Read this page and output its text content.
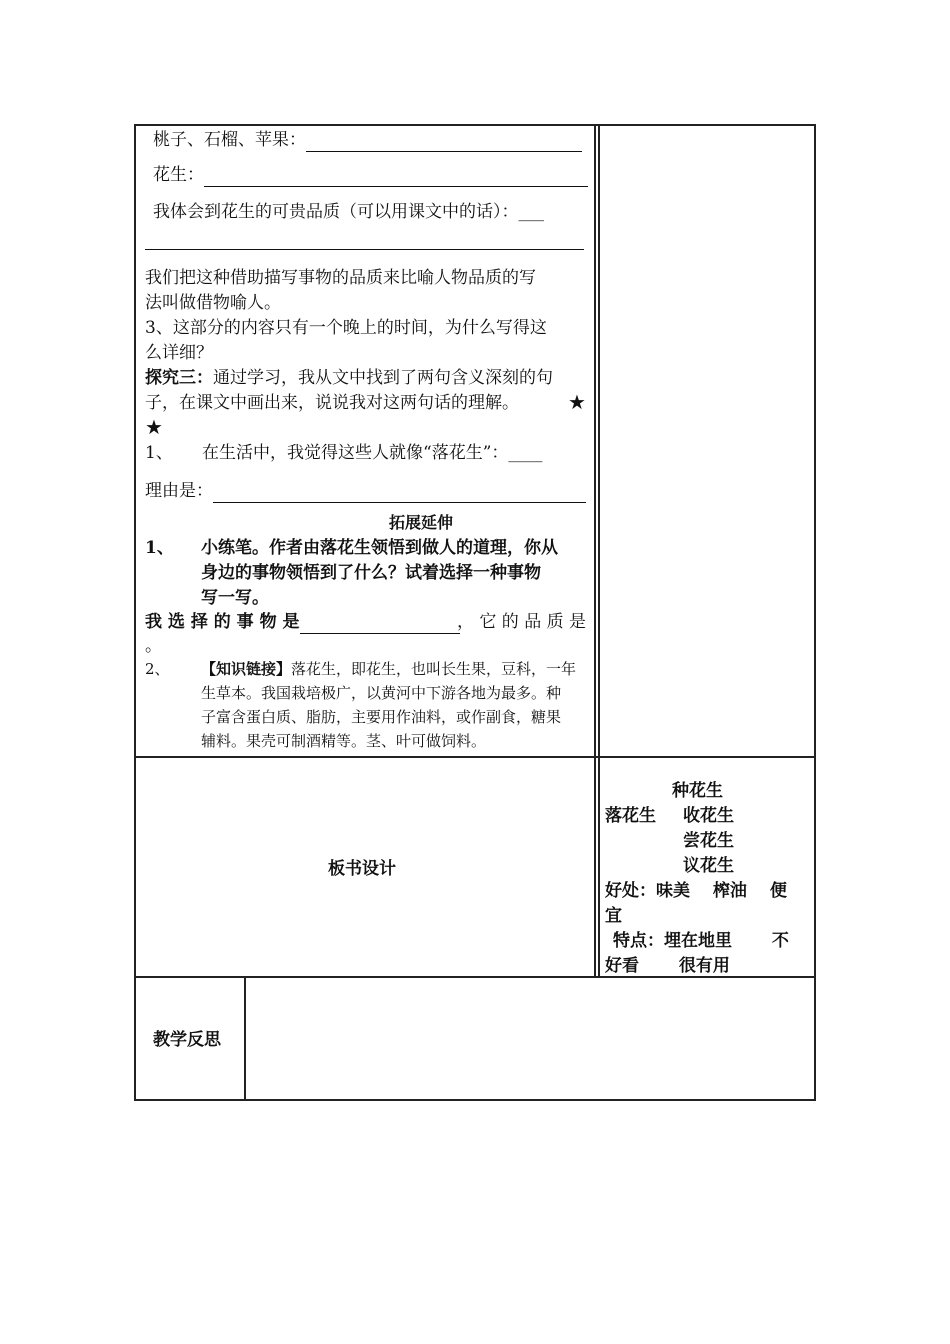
桃子、石榴、苹果：
花生：
我体会到花生的可贵品质（可以用课文中的话）：___
我们把这种借助描写事物的品质来比喻人物品质的写
法叫做借物喻人。
3、这部分的内容只有一个晚上的时间，为什么写得这
么详细？
探究三：通过学习，我从文中找到了两句含义深刻的句
子，在课文中画出来，说说我对这两句话的理解。 ★
★
1、 在生活中，我觉得这些人就像“落花生”：____
理由是：
拓展延伸
1、 小练笔。作者由落花生领悟到做人的道理，你从
身边的事物领悟到了什么？试着选择一种事物
写一写。
我 选 择 的 事 物 是	， 它 的 品 质 是
。
2、 【知识链接】落花生，即花生，也叫长生果，豆科，一年
生草本。我国栽培极广，以黄河中下游各地为最多。种
子富含蛋白质、脂肪，主要用作油料，或作副食，糖果
辅料。果壳可制酒精等。茎、叶可做饲料。
板书设计
种花生
落花生 收花生
尝花生
议花生
好处：味美　 榨油　 便
宜
特点：埋在地里　　 不
好看　　 很有用
教学反思
